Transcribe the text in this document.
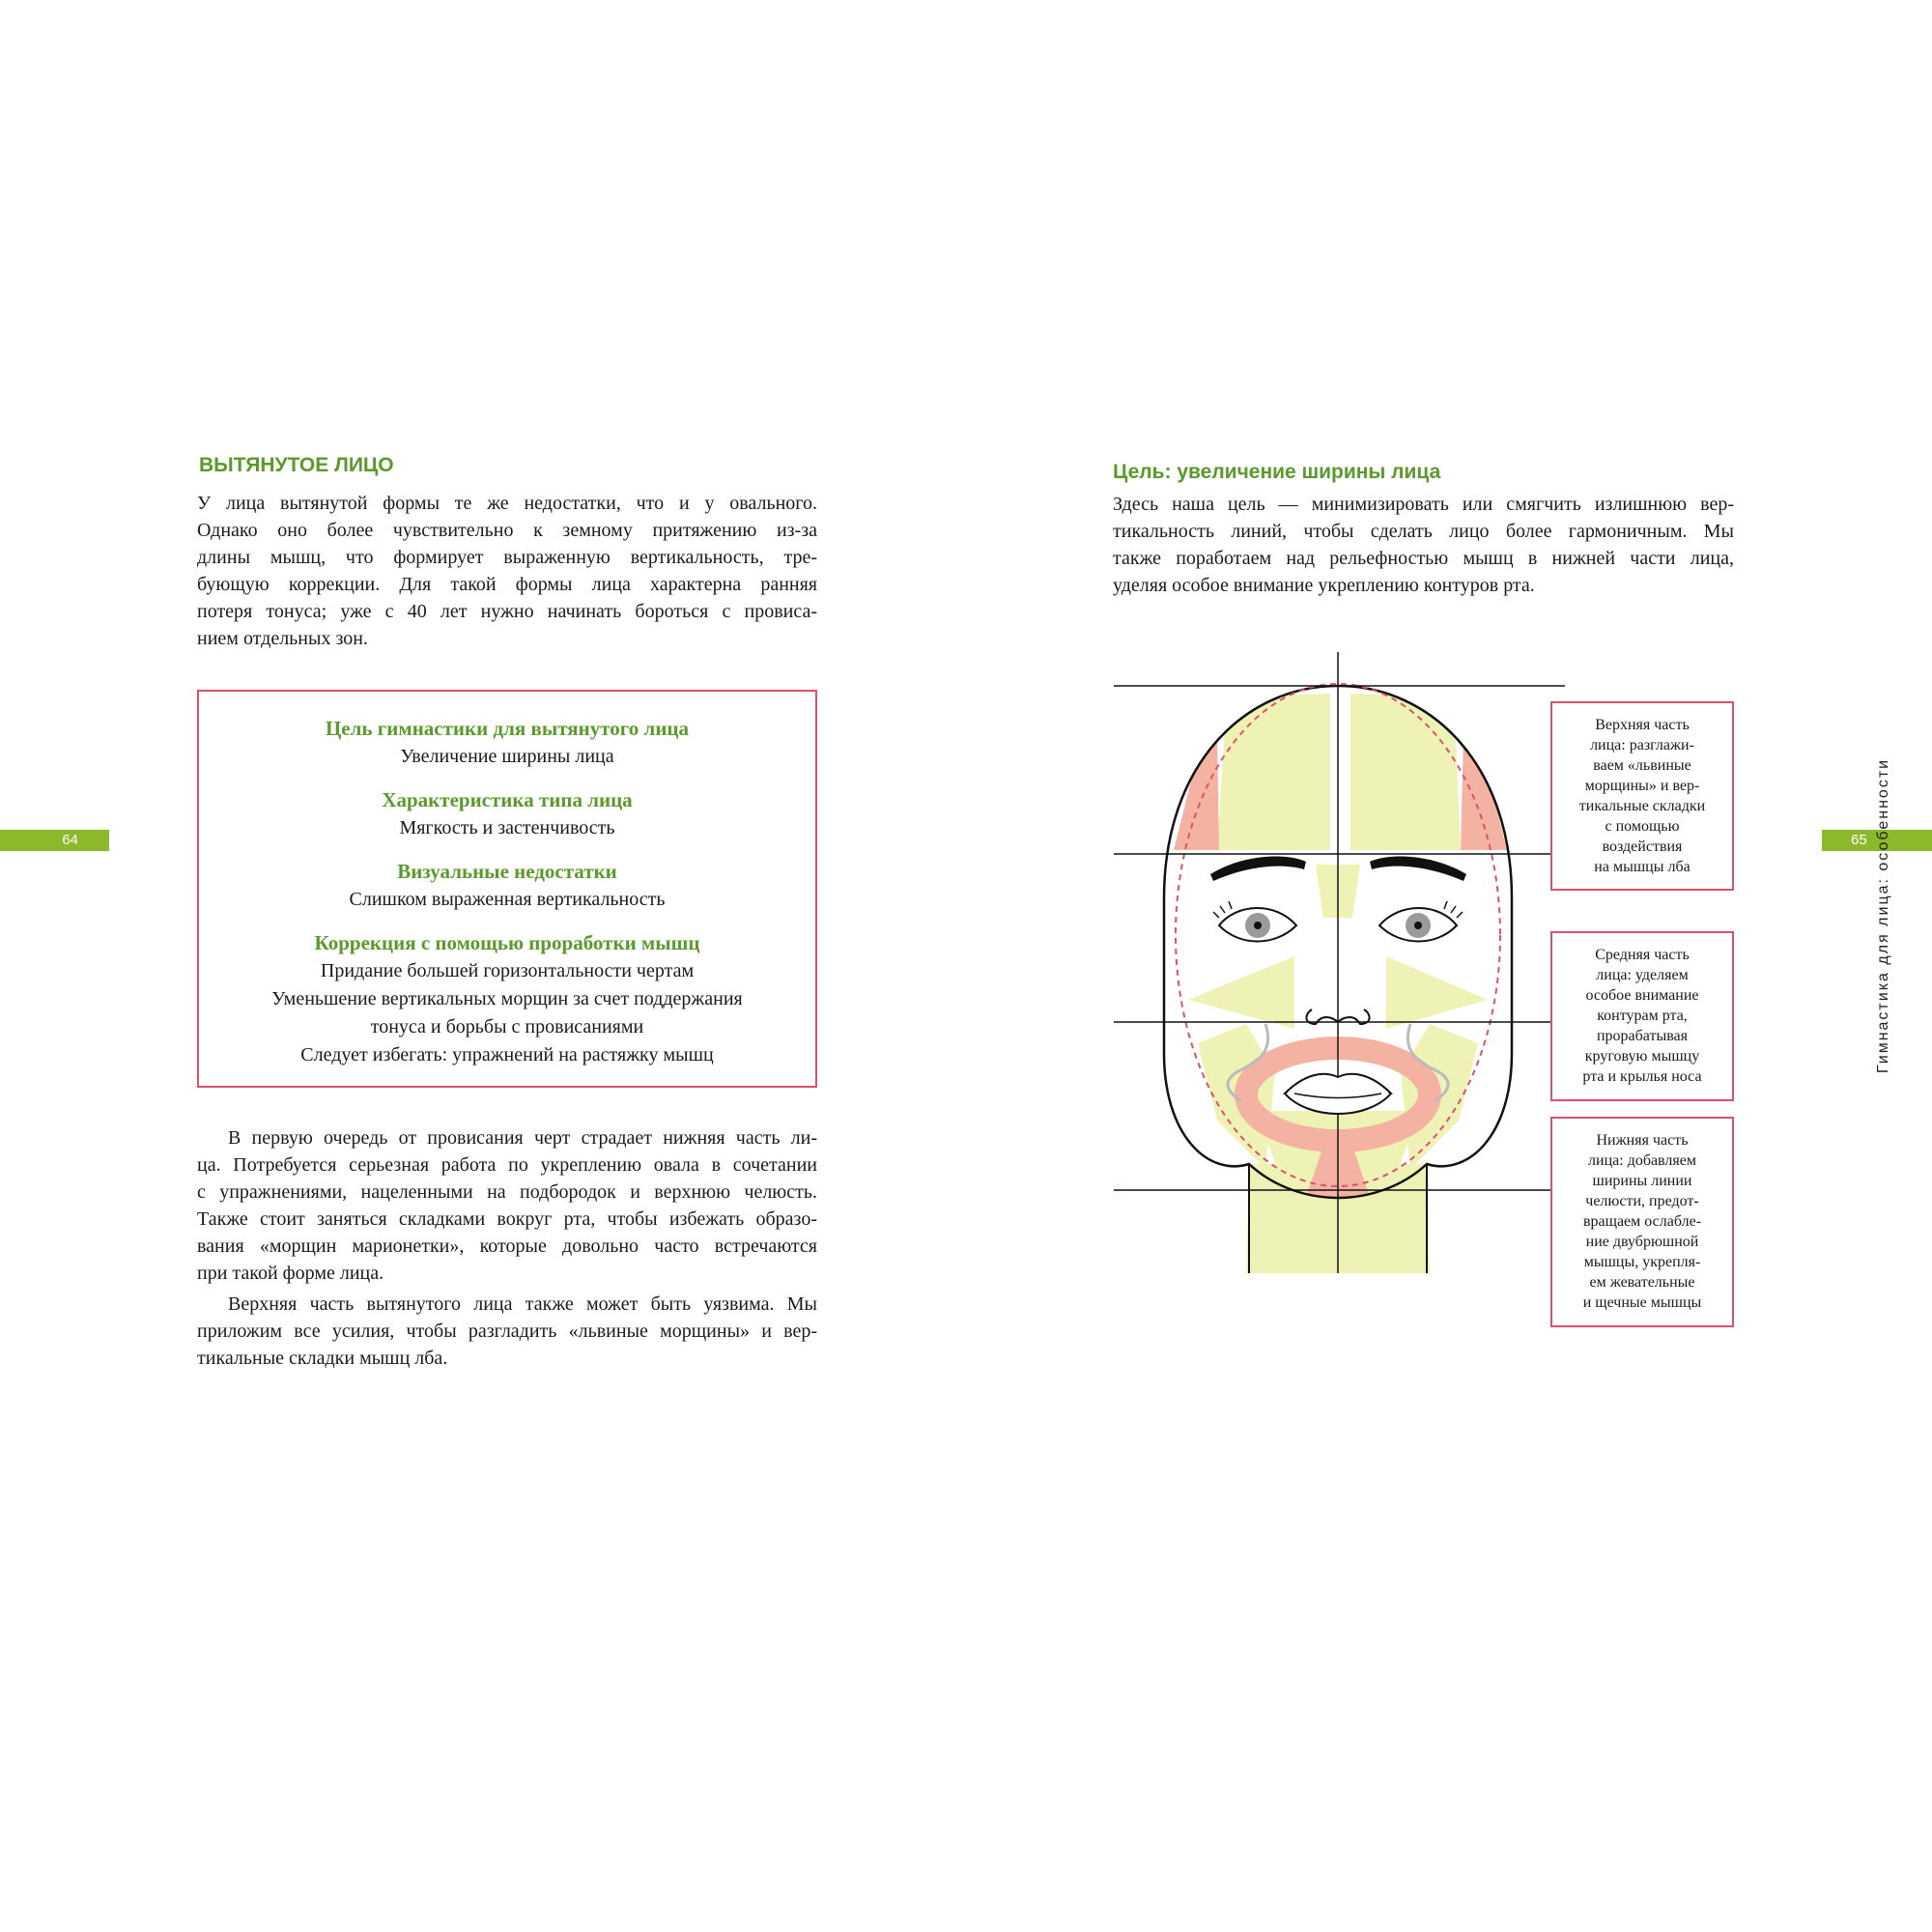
ВЫТЯНУТОЕ ЛИЦО
У лица вытянутой формы те же недостатки, что и у овального.
Однако оно более чувствительно к земному притяжению из-за
длины мышц, что формирует выраженную вертикальность, тре-
бующую коррекции. Для такой формы лица характерна ранняя
потеря тонуса; уже с 40 лет нужно начинать бороться с провиса-
нием отдельных зон.

Цель гимнастики для вытянутого лица

Увеличение ширины лица

Характеристика типа лица

Мягкость и застенчивость

Визуальные недостатки

Слишком выраженная вертикальность

Коррекция с помощью проработки мышц

Придание большей горизонтальности чертам

Уменьшение вертикальных морщин за счет поддержания

тонуса и борьбы с провисаниями

Следует избегать: упражнений на растяжку мышц

В первую очередь от провисания черт страдает нижняя часть ли-
ца. Потребуется серьезная работа по укреплению овала в сочетании
с упражнениями, нацеленными на подбородок и верхнюю челюсть.
Также стоит заняться складками вокруг рта, чтобы избежать образо-
вания «морщин марионетки», которые довольно часто встречаются
при такой форме лица.
Верхняя часть вытянутого лица также может быть уязвима. Мы
приложим все усилия, чтобы разгладить «львиные морщины» и вер-
тикальные складки мышц лба.
64
Цель: увеличение ширины лица
Здесь наша цель — минимизировать или смягчить излишнюю вер-
тикальность линий, чтобы сделать лицо более гармоничным. Мы
также поработаем над рельефностью мышц в нижней части лица,
уделяя особое внимание укреплению контуров рта.
Верхняя часть
лица: разглажи-
ваем «львиные
морщины» и вер-
тикальные складки
с помощью
воздействия
на мышцы лба
Средняя часть
лица: уделяем
особое внимание
контурам рта,
прорабатывая
круговую мышцу
рта и крылья носа
Нижняя часть
лица: добавляем
ширины линии
челюсти, предот-
вращаем ослабле-
ние двубрюшной
мышцы, укрепля-
ем жевательные
и щечные мышцы
65 Гимнастика для лица: особенности
